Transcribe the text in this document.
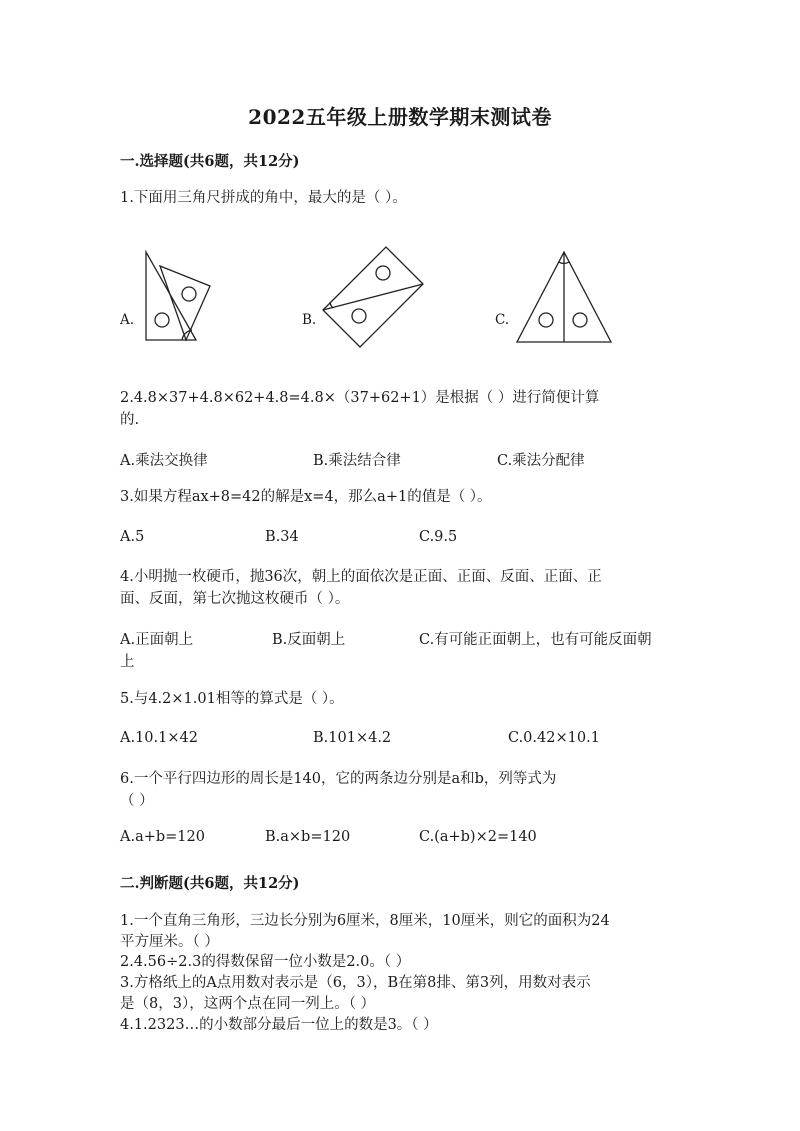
2022五年级上册数学期末测试卷
一.选择题(共6题，共12分)
1.下面用三角尺拼成的角中，最大的是（ ）。
A.	B.	C.
2.4.8×37+4.8×62+4.8=4.8×（37+62+1）是根据（ ）进行简便计算
的.
A.乘法交换律	B.乘法结合律	C.乘法分配律
3.如果方程ax+8=42的解是x=4，那么a+1的值是（ ）。
A.5	B.34	C.9.5
4.小明抛一枚硬币，抛36次，朝上的面依次是正面、正面、反面、正面、正
面、反面，第七次抛这枚硬币（ ）。
A.正面朝上	B.反面朝上	C.有可能正面朝上，也有可能反面朝
上
5.与4.2×1.01相等的算式是（ ）。
A.10.1×42	B.101×4.2	C.0.42×10.1
6.一个平行四边形的周长是140，它的两条边分别是a和b，列等式为
（ ）
A.a+b=120	B.a×b=120	C.(a+b)×2=140
二.判断题(共6题，共12分)
1.一个直角三角形，三边长分别为6厘米，8厘米，10厘米，则它的面积为24
平方厘米。（ ）
2.4.56÷2.3的得数保留一位小数是2.0。（ ）
3.方格纸上的A点用数对表示是（6，3），B在第8排、第3列，用数对表示
是（8，3），这两个点在同一列上。（ ）
4.1.2323…的小数部分最后一位上的数是3。（ ）
